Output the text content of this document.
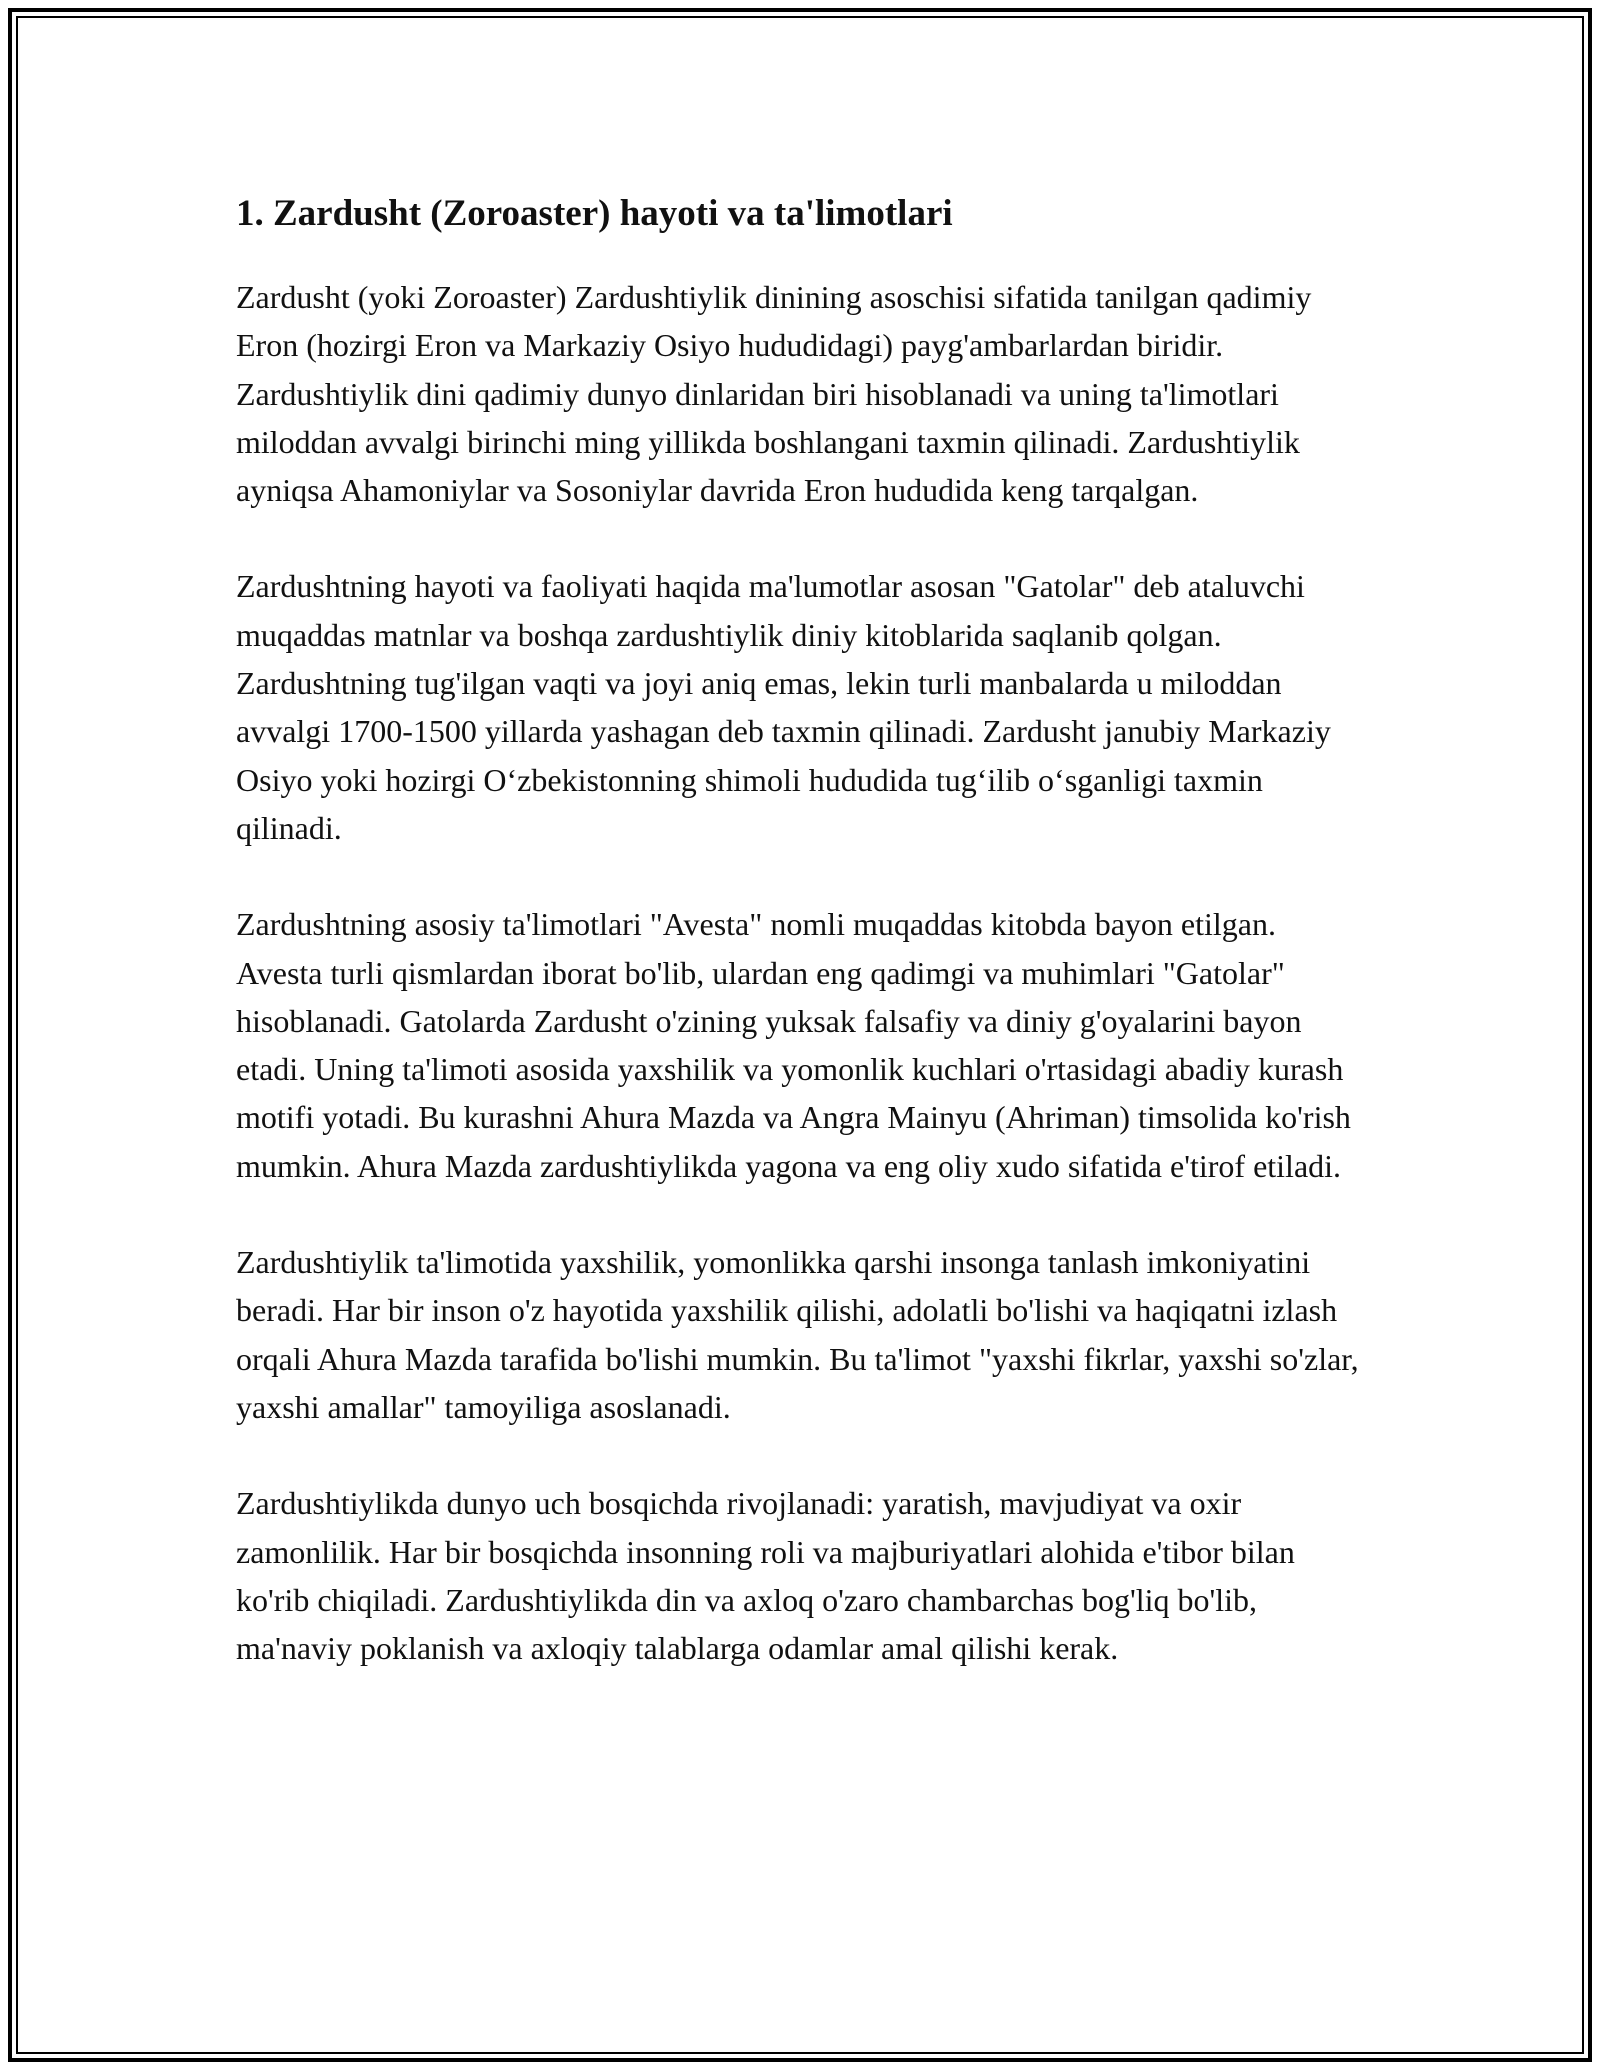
1. Zardusht (Zoroaster) hayoti va ta'limotlari

Zardusht (yoki Zoroaster) Zardushtiylik dinining asoschisi sifatida tanilgan qadimiy Eron (hozirgi Eron va Markaziy Osiyo hududidagi) payg'ambarlardan biridir. Zardushtiylik dini qadimiy dunyo dinlaridan biri hisoblanadi va uning ta'limotlari miloddan avvalgi birinchi ming yillikda boshlangani taxmin qilinadi. Zardushtiylik ayniqsa Ahamoniylar va Sosoniylar davrida Eron hududida keng tarqalgan.

Zardushtning hayoti va faoliyati haqida ma'lumotlar asosan "Gatolar" deb ataluvchi muqaddas matnlar va boshqa zardushtiylik diniy kitoblarida saqlanib qolgan. Zardushtning tug'ilgan vaqti va joyi aniq emas, lekin turli manbalarda u miloddan avvalgi 1700-1500 yillarda yashagan deb taxmin qilinadi. Zardusht janubiy Markaziy Osiyo yoki hozirgi O‘zbekistonning shimoli hududida tug‘ilib o‘sganligi taxmin qilinadi.

Zardushtning asosiy ta'limotlari "Avesta" nomli muqaddas kitobda bayon etilgan. Avesta turli qismlardan iborat bo'lib, ulardan eng qadimgi va muhimlari "Gatolar" hisoblanadi. Gatolarda Zardusht o'zining yuksak falsafiy va diniy g'oyalarini bayon etadi. Uning ta'limoti asosida yaxshilik va yomonlik kuchlari o'rtasidagi abadiy kurash motifi yotadi. Bu kurashni Ahura Mazda va Angra Mainyu (Ahriman) timsolida ko'rish mumkin. Ahura Mazda zardushtiylikda yagona va eng oliy xudo sifatida e'tirof etiladi.

Zardushtiylik ta'limotida yaxshilik, yomonlikka qarshi insonga tanlash imkoniyatini beradi. Har bir inson o'z hayotida yaxshilik qilishi, adolatli bo'lishi va haqiqatni izlash orqali Ahura Mazda tarafida bo'lishi mumkin. Bu ta'limot "yaxshi fikrlar, yaxshi so'zlar, yaxshi amallar" tamoyiliga asoslanadi.

Zardushtiylikda dunyo uch bosqichda rivojlanadi: yaratish, mavjudiyat va oxir zamonlilik. Har bir bosqichda insonning roli va majburiyatlari alohida e'tibor bilan ko'rib chiqiladi. Zardushtiylikda din va axloq o'zaro chambarchas bog'liq bo'lib, ma'naviy poklanish va axloqiy talablarga odamlar amal qilishi kerak.
